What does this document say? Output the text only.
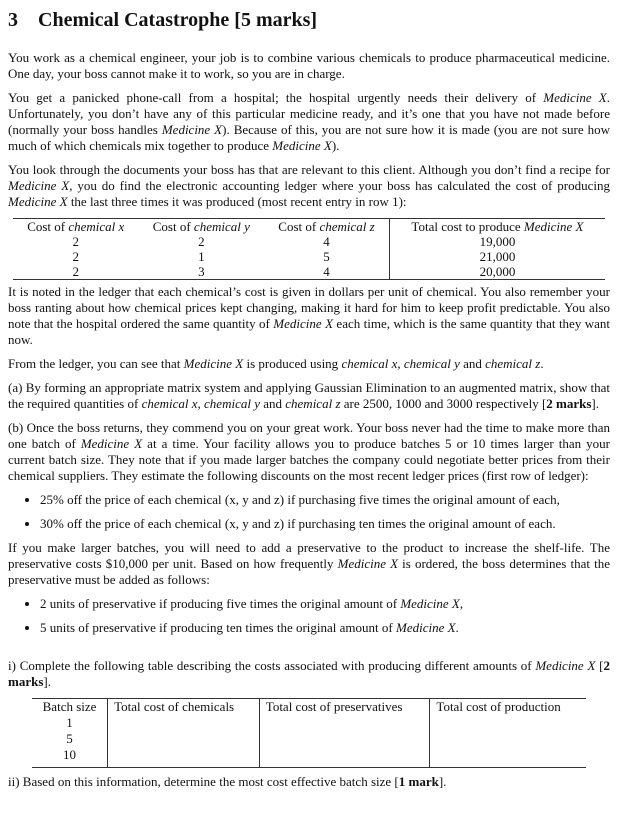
3 Chemical Catastrophe [5 marks]

You work as a chemical engineer, your job is to combine various chemicals to produce pharmaceutical medicine. One day, your boss cannot make it to work, so you are in charge.

You get a panicked phone-call from a hospital; the hospital urgently needs their delivery of Medicine X. Unfortunately, you don’t have any of this particular medicine ready, and it’s one that you have not made before (normally your boss handles Medicine X). Because of this, you are not sure how it is made (you are not sure how much of which chemicals mix together to produce Medicine X).

You look through the documents your boss has that are relevant to this client. Although you don’t find a recipe for Medicine X, you do find the electronic accounting ledger where your boss has calculated the cost of producing Medicine X the last three times it was produced (most recent entry in row 1):

Cost of chemical x	Cost of chemical y	Cost of chemical z	Total cost to produce Medicine X
2	2	4	19,000
2	1	5	21,000
2	3	4	20,000

It is noted in the ledger that each chemical’s cost is given in dollars per unit of chemical. You also remember your boss ranting about how chemical prices kept changing, making it hard for him to keep profit predictable. You also note that the hospital ordered the same quantity of Medicine X each time, which is the same quantity that they want now.

From the ledger, you can see that Medicine X is produced using chemical x, chemical y and chemical z.

(a) By forming an appropriate matrix system and applying Gaussian Elimination to an augmented matrix, show that the required quantities of chemical x, chemical y and chemical z are 2500, 1000 and 3000 respectively [2 marks].

(b) Once the boss returns, they commend you on your great work. Your boss never had the time to make more than one batch of Medicine X at a time. Your facility allows you to produce batches 5 or 10 times larger than your current batch size. They note that if you made larger batches the company could negotiate better prices from their chemical suppliers. They estimate the following discounts on the most recent ledger prices (first row of ledger):

• 25% off the price of each chemical (x, y and z) if purchasing five times the original amount of each,
• 30% off the price of each chemical (x, y and z) if purchasing ten times the original amount of each.

If you make larger batches, you will need to add a preservative to the product to increase the shelf-life. The preservative costs $10,000 per unit. Based on how frequently Medicine X is ordered, the boss determines that the preservative must be added as follows:

• 2 units of preservative if producing five times the original amount of Medicine X,
• 5 units of preservative if producing ten times the original amount of Medicine X.

i) Complete the following table describing the costs associated with producing different amounts of Medicine X [2 marks].

Batch size	Total cost of chemicals	Total cost of preservatives	Total cost of production
1			
5			
10			

ii) Based on this information, determine the most cost effective batch size [1 mark].
